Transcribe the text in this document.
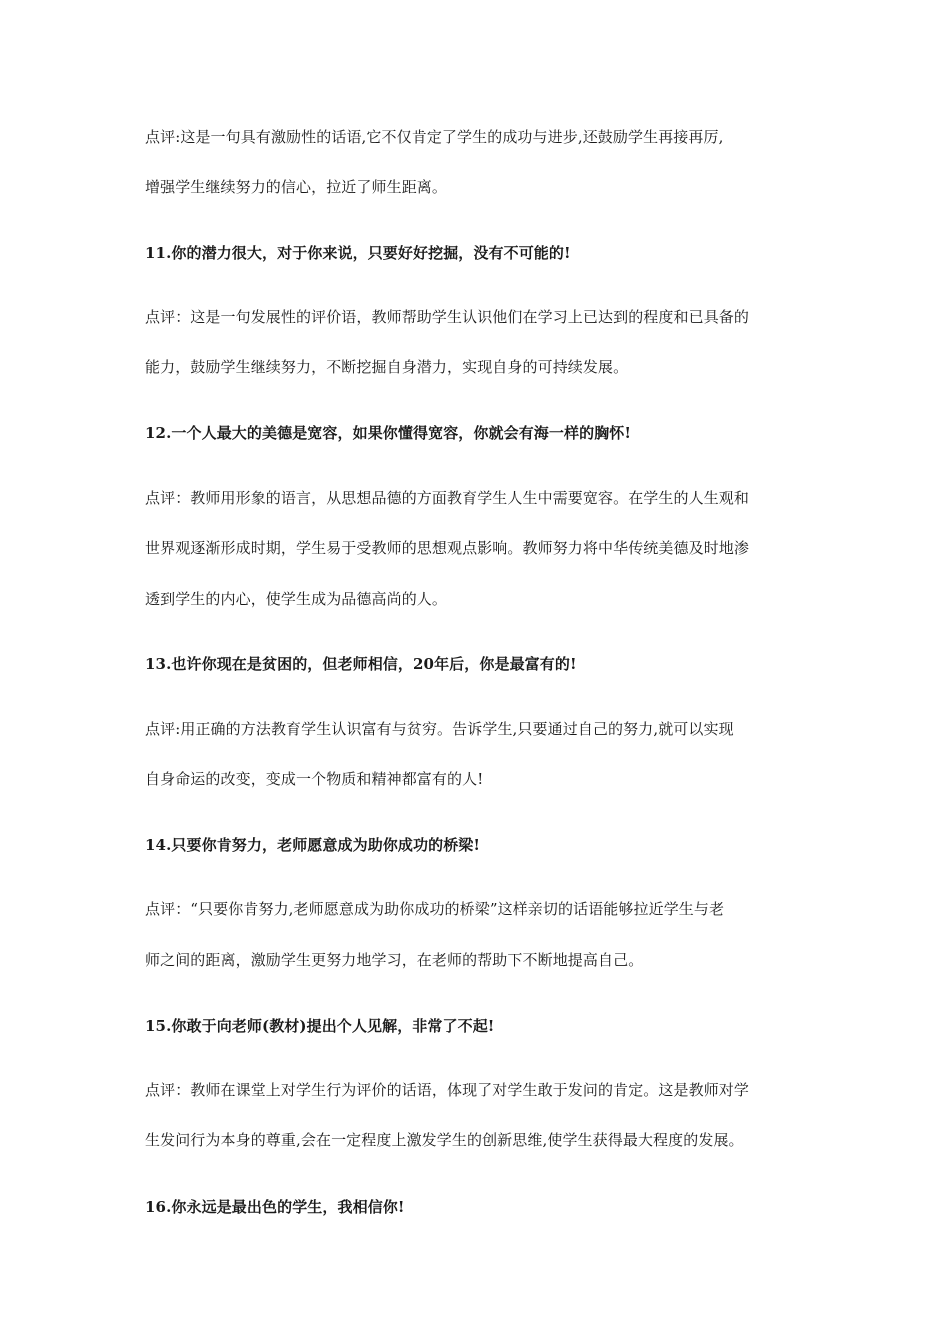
点评:这是一句具有激励性的话语,它不仅肯定了学生的成功与进步,还鼓励学生再接再厉,
增强学生继续努力的信心，拉近了师生距离。
11.你的潜力很大，对于你来说，只要好好挖掘，没有不可能的!
点评：这是一句发展性的评价语，教师帮助学生认识他们在学习上已达到的程度和已具备的
能力，鼓励学生继续努力，不断挖掘自身潜力，实现自身的可持续发展。
12.一个人最大的美德是宽容，如果你懂得宽容，你就会有海一样的胸怀!
点评：教师用形象的语言，从思想品德的方面教育学生人生中需要宽容。在学生的人生观和
世界观逐渐形成时期，学生易于受教师的思想观点影响。教师努力将中华传统美德及时地渗
透到学生的内心，使学生成为品德高尚的人。
13.也许你现在是贫困的，但老师相信，20年后，你是最富有的!
点评:用正确的方法教育学生认识富有与贫穷。告诉学生,只要通过自己的努力,就可以实现
自身命运的改变，变成一个物质和精神都富有的人!
14.只要你肯努力，老师愿意成为助你成功的桥梁!
点评：“只要你肯努力,老师愿意成为助你成功的桥梁”这样亲切的话语能够拉近学生与老
师之间的距离，激励学生更努力地学习，在老师的帮助下不断地提高自己。
15.你敢于向老师(教材)提出个人见解，非常了不起!
点评：教师在课堂上对学生行为评价的话语，体现了对学生敢于发问的肯定。这是教师对学
生发问行为本身的尊重,会在一定程度上激发学生的创新思维,使学生获得最大程度的发展。
16.你永远是最出色的学生，我相信你!
